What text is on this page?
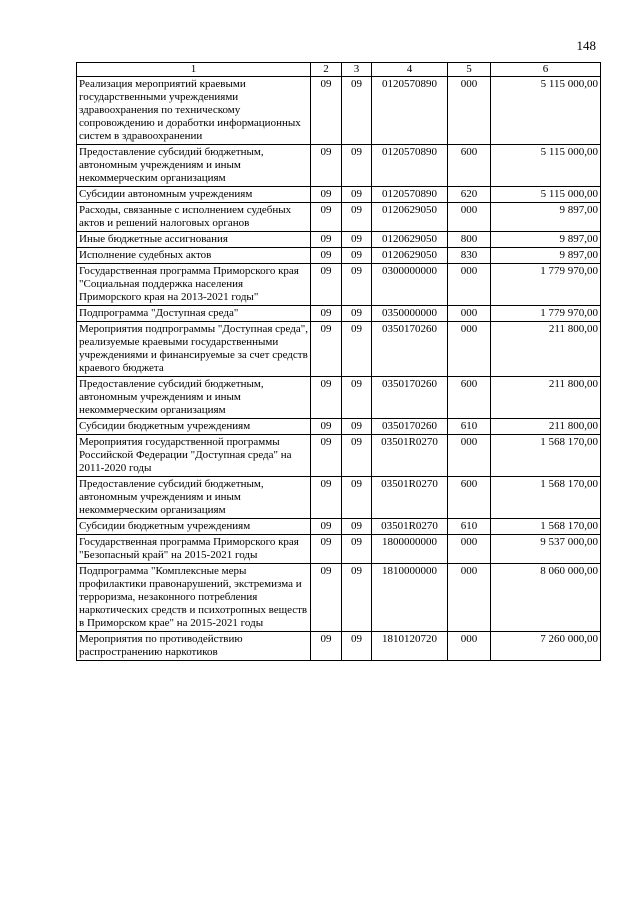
148
1	2	3	4	5	6
Реализация мероприятий краевыми государственными учреждениями здравоохранения по техническому сопровождению и доработки информационных систем в здравоохранении	09	09	0120570890	000	5 115 000,00
Предоставление субсидий бюджетным, автономным учреждениям и иным некоммерческим организациям	09	09	0120570890	600	5 115 000,00
Субсидии автономным учреждениям	09	09	0120570890	620	5 115 000,00
Расходы, связанные с исполнением судебных актов и решений налоговых органов	09	09	0120629050	000	9 897,00
Иные бюджетные ассигнования	09	09	0120629050	800	9 897,00
Исполнение судебных актов	09	09	0120629050	830	9 897,00
Государственная программа Приморского края "Социальная поддержка населения Приморского края на 2013-2021 годы"	09	09	0300000000	000	1 779 970,00
Подпрограмма "Доступная среда"	09	09	0350000000	000	1 779 970,00
Мероприятия подпрограммы "Доступная среда", реализуемые краевыми государственными учреждениями и финансируемые за счет средств краевого бюджета	09	09	0350170260	000	211 800,00
Предоставление субсидий бюджетным, автономным учреждениям и иным некоммерческим организациям	09	09	0350170260	600	211 800,00
Субсидии бюджетным учреждениям	09	09	0350170260	610	211 800,00
Мероприятия государственной программы Российской Федерации "Доступная среда" на 2011-2020 годы	09	09	03501R0270	000	1 568 170,00
Предоставление субсидий бюджетным, автономным учреждениям и иным некоммерческим организациям	09	09	03501R0270	600	1 568 170,00
Субсидии бюджетным учреждениям	09	09	03501R0270	610	1 568 170,00
Государственная программа Приморского края "Безопасный край" на 2015-2021 годы	09	09	1800000000	000	9 537 000,00
Подпрограмма "Комплексные меры профилактики правонарушений, экстремизма и терроризма, незаконного потребления наркотических средств и психотропных веществ в Приморском крае" на 2015-2021 годы	09	09	1810000000	000	8 060 000,00
Мероприятия по противодействию распространению наркотиков	09	09	1810120720	000	7 260 000,00
